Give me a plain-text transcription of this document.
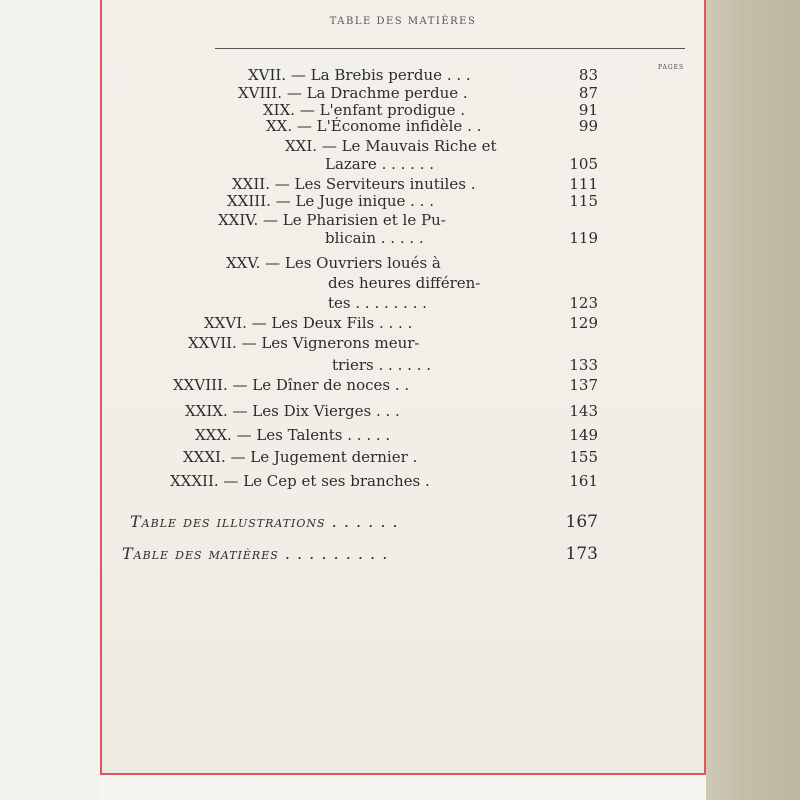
TABLE DES MATIÈRES
PAGES
XVII. — La Brebis perdue . . .	83
XVIII. — La Drachme perdue .	87
XIX. — L'enfant prodigue .	91
XX. — L'Économe infidèle . .	99
XXI. — Le Mauvais Riche et
Lazare . . . . . .	105
XXII. — Les Serviteurs inutiles .	111
XXIII. — Le Juge inique . . .	115
XXIV. — Le Pharisien et le Pu-
blicain . . . . .	119
XXV. — Les Ouvriers loués à
des heures différen-
tes . . . . . . . .	123
XXVI. — Les Deux Fils . . . .	129
XXVII. — Les Vignerons meur-
triers . . . . . .	133
XXVIII. — Le Dîner de noces . .	137
XXIX. — Les Dix Vierges . . .	143
XXX. — Les Talents . . . . .	149
XXXI. — Le Jugement dernier .	155
XXXII. — Le Cep et ses branches .	161
Table des illustrations . . . . . .	167
Table des matières . . . . . . . . .	173
